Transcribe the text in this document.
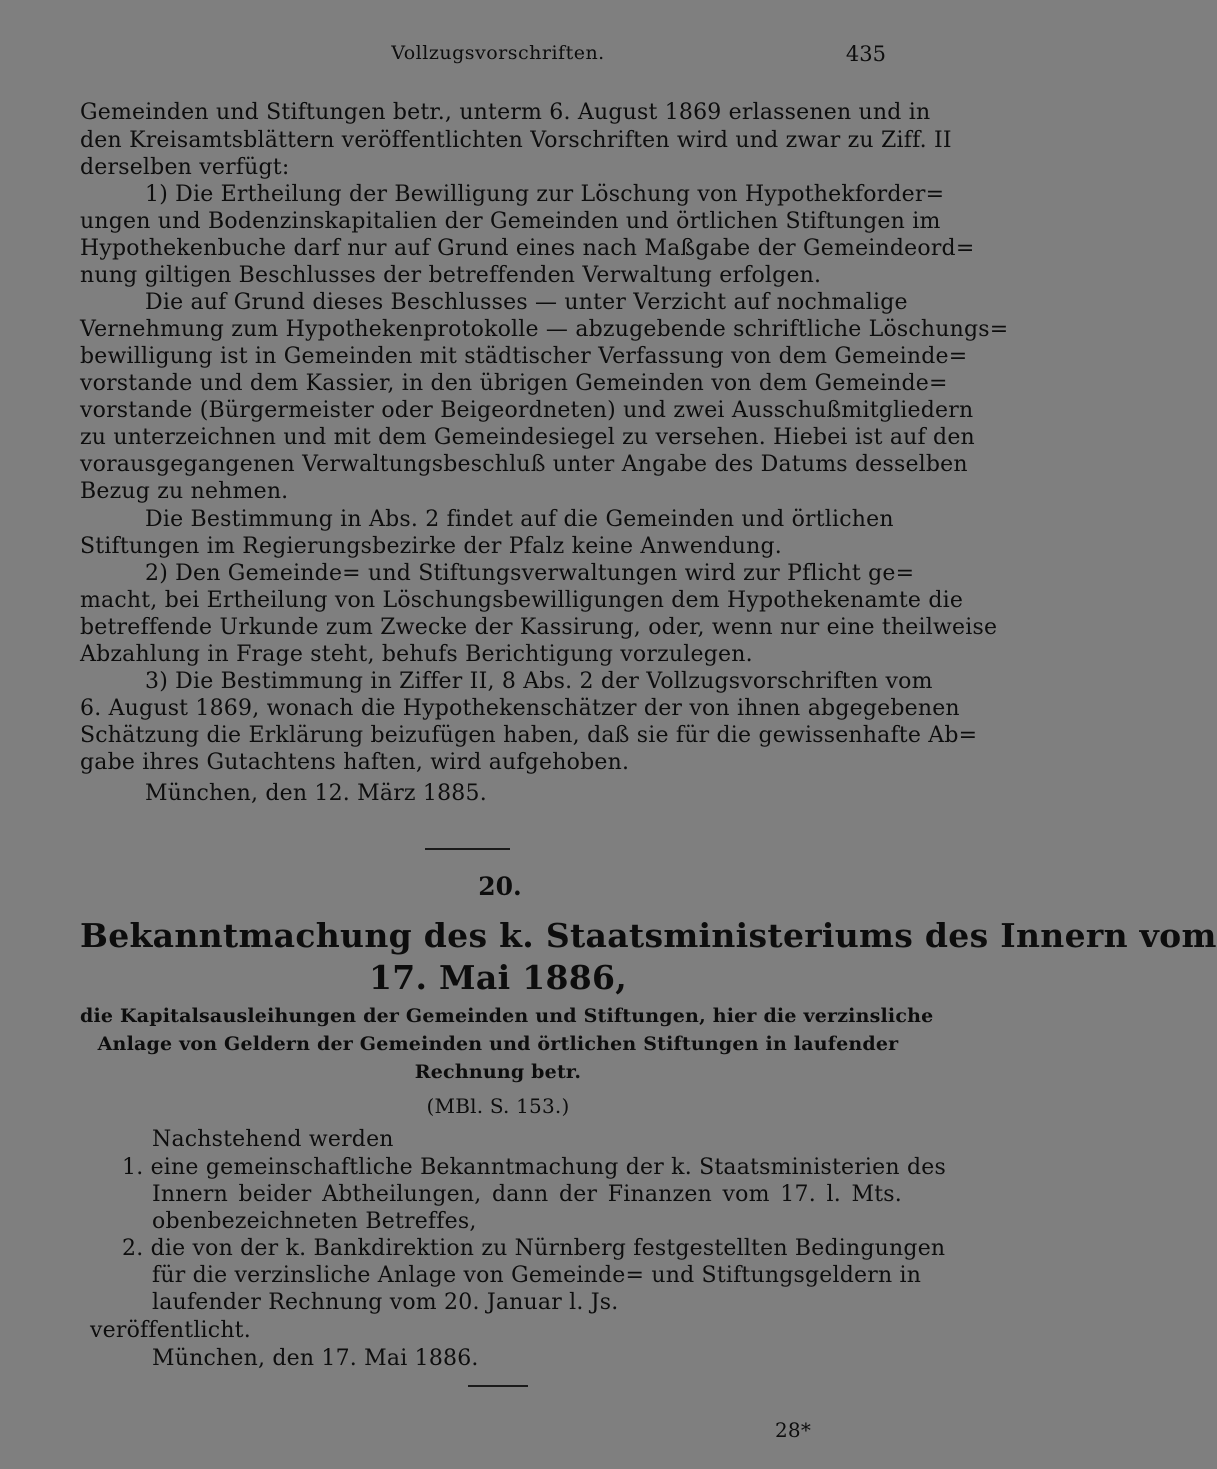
Vollzugsvorschriften.	435
Gemeinden und Stiftungen betr., unterm 6. August 1869 erlassenen und in
den Kreisamtsblättern veröffentlichten Vorschriften wird und zwar zu Ziff. II
derselben verfügt:
1) Die Ertheilung der Bewilligung zur Löschung von Hypothekforder=
ungen und Bodenzinskapitalien der Gemeinden und örtlichen Stiftungen im
Hypothekenbuche darf nur auf Grund eines nach Maßgabe der Gemeindeord=
nung giltigen Beschlusses der betreffenden Verwaltung erfolgen.
Die auf Grund dieses Beschlusses — unter Verzicht auf nochmalige
Vernehmung zum Hypothekenprotokolle — abzugebende schriftliche Löschungs=
bewilligung ist in Gemeinden mit städtischer Verfassung von dem Gemeinde=
vorstande und dem Kassier, in den übrigen Gemeinden von dem Gemeinde=
vorstande (Bürgermeister oder Beigeordneten) und zwei Ausschußmitgliedern
zu unterzeichnen und mit dem Gemeindesiegel zu versehen. Hiebei ist auf den
vorausgegangenen Verwaltungsbeschluß unter Angabe des Datums desselben
Bezug zu nehmen.
Die Bestimmung in Abs. 2 findet auf die Gemeinden und örtlichen
Stiftungen im Regierungsbezirke der Pfalz keine Anwendung.
2) Den Gemeinde= und Stiftungsverwaltungen wird zur Pflicht ge=
macht, bei Ertheilung von Löschungsbewilligungen dem Hypothekenamte die
betreffende Urkunde zum Zwecke der Kassirung, oder, wenn nur eine theilweise
Abzahlung in Frage steht, behufs Berichtigung vorzulegen.
3) Die Bestimmung in Ziffer II, 8 Abs. 2 der Vollzugsvorschriften vom
6. August 1869, wonach die Hypothekenschätzer der von ihnen abgegebenen
Schätzung die Erklärung beizufügen haben, daß sie für die gewissenhafte Ab=
gabe ihres Gutachtens haften, wird aufgehoben.
München, den 12. März 1885.
20.
Bekanntmachung des k. Staatsministeriums des Innern vom
17. Mai 1886,
die Kapitalsausleihungen der Gemeinden und Stiftungen, hier die verzinsliche
Anlage von Geldern der Gemeinden und örtlichen Stiftungen in laufender
Rechnung betr.
(MBl. S. 153.)
Nachstehend werden
1. eine gemeinschaftliche Bekanntmachung der k. Staatsministerien des
Innern beider Abtheilungen, dann der Finanzen vom 17. l. Mts.
obenbezeichneten Betreffes,
2. die von der k. Bankdirektion zu Nürnberg festgestellten Bedingungen
für die verzinsliche Anlage von Gemeinde= und Stiftungsgeldern in
laufender Rechnung vom 20. Januar l. Js.
veröffentlicht.
München, den 17. Mai 1886.
28*
